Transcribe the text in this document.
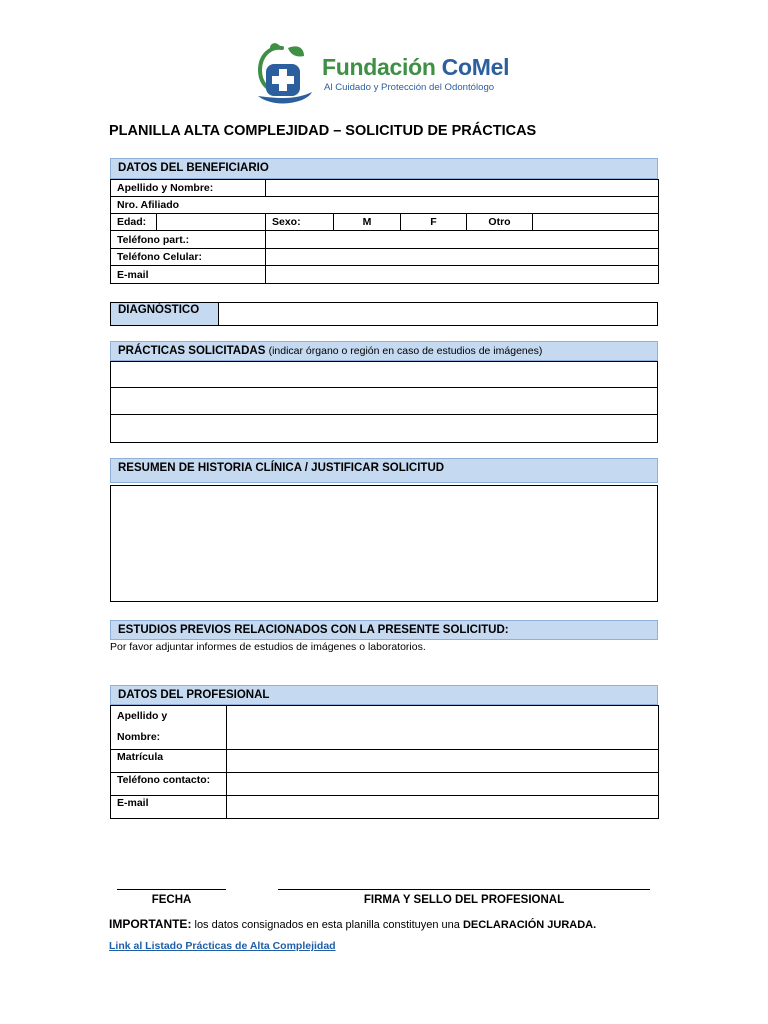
Fundación CoMel
Al Cuidado y Protección del Odontólogo
PLANILLA ALTA COMPLEJIDAD – SOLICITUD DE PRÁCTICAS
DATOS DEL BENEFICIARIO
Apellido y Nombre:						
Nro. Afiliado						
Edad:		Sexo:	M	F	Otro	
Teléfono part.:						
Teléfono Celular:						
E-mail						
DIAGNÓSTICO
PRÁCTICAS SOLICITADAS (indicar órgano o región en caso de estudios de imágenes)
RESUMEN DE HISTORIA CLÍNICA / JUSTIFICAR SOLICITUD
ESTUDIOS PREVIOS RELACIONADOS CON LA PRESENTE SOLICITUD:
Por favor adjuntar informes de estudios de imágenes o laboratorios.
DATOS DEL PROFESIONAL
Apellido y
Nombre:	
Matrícula	
Teléfono contacto:	
E-mail	
FECHA	FIRMA Y SELLO DEL PROFESIONAL
IMPORTANTE: los datos consignados en esta planilla constituyen una DECLARACIÓN JURADA.
Link al Listado Prácticas de Alta Complejidad
